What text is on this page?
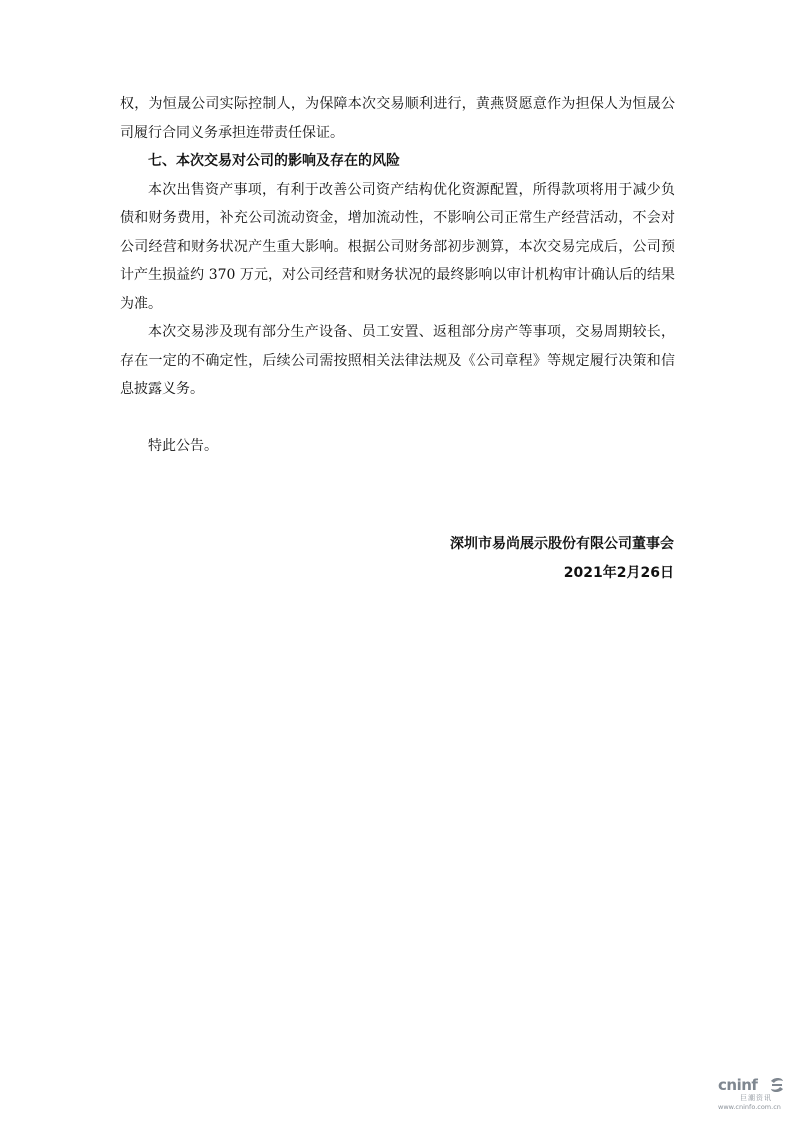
权，为恒晟公司实际控制人，为保障本次交易顺利进行，黄燕贤愿意作为担保人为恒晟公司履行合同义务承担连带责任保证。

七、本次交易对公司的影响及存在的风险

本次出售资产事项，有利于改善公司资产结构优化资源配置，所得款项将用于减少负债和财务费用，补充公司流动资金，增加流动性，不影响公司正常生产经营活动，不会对公司经营和财务状况产生重大影响。根据公司财务部初步测算，本次交易完成后，公司预计产生损益约 370 万元，对公司经营和财务状况的最终影响以审计机构审计确认后的结果为准。

本次交易涉及现有部分生产设备、员工安置、返租部分房产等事项，交易周期较长，存在一定的不确定性，后续公司需按照相关法律法规及《公司章程》等规定履行决策和信息披露义务。

特此公告。

深圳市易尚展示股份有限公司董事会
2021年2月26日
cninf
巨潮资讯
www.cninfo.com.cn
